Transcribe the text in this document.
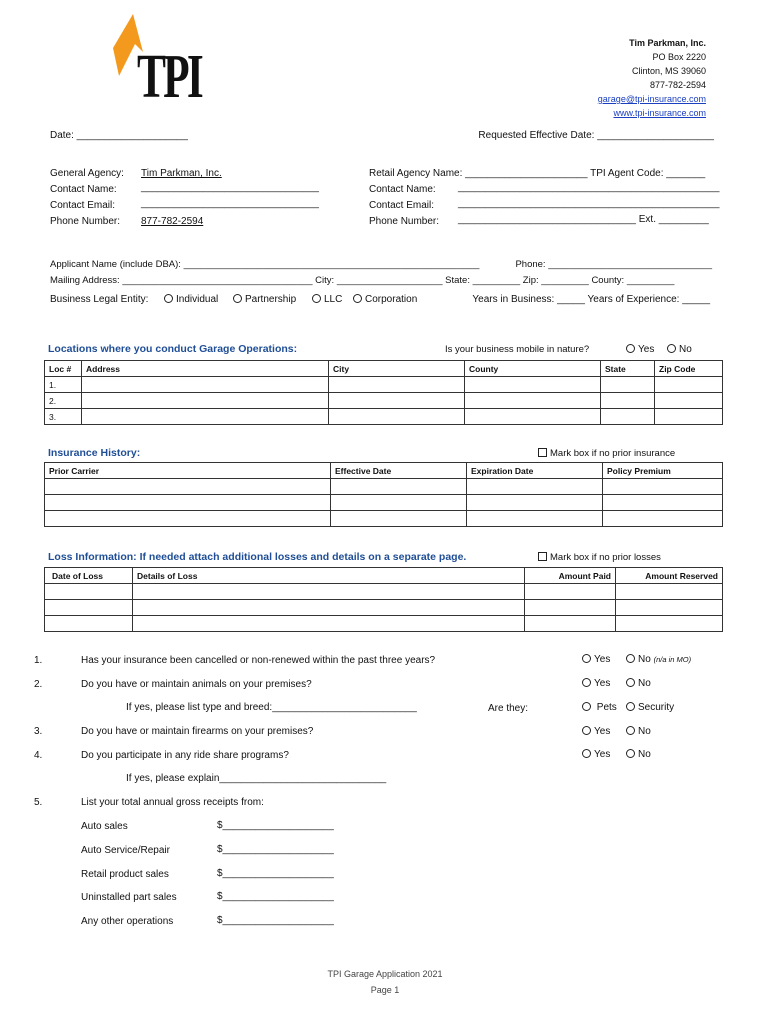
TPI	Tim Parkman, Inc.
PO Box 2220
Clinton, MS 39060
877-782-2594
garage@tpi-insurance.com
www.tpi-insurance.com
Date: ____________________	Requested Effective Date: _____________________
General Agency: Tim Parkman, Inc.
Contact Name: ________________________________
Contact Email:	________________________________
Phone Number: 877-782-2594
Retail Agency Name: ______________________ TPI Agent Code: _______
Contact Name: _______________________________________________
Contact Email: _______________________________________________
Phone Number: ________________________________ Ext. _________
Applicant Name (include DBA): ________________________________________________________	Phone: _______________________________
Mailing Address: ____________________________________ City: ____________________ State: _________ Zip: _________ County: _________
Business Legal Entity:	Individual	Partnership	LLC	Corporation	Years in Business: _____ Years of Experience: _____
Locations where you conduct Garage Operations:	Is your business mobile in nature?	Yes	No
Loc #	Address	City	County	State	Zip Code
1.					
2.					
3.					
Insurance History:	Mark box if no prior insurance
Prior Carrier	Effective Date	Expiration Date	Policy Premium

Loss Information: If needed attach additional losses and details on a separate page.	Mark box if no prior losses
Date of Loss	Details of Loss	Amount Paid	Amount Reserved

1.	Has your insurance been cancelled or non-renewed within the past three years?	Yes	No (n/a in MO)
2.	Do you have or maintain animals on your premises?	Yes	No
If yes, please list type and breed:__________________________	Are they:	Pets	Security
3.	Do you have or maintain firearms on your premises?	Yes	No
4.	Do you participate in any ride share programs?	Yes	No
If yes, please explain______________________________
5.	List your total annual gross receipts from:
Auto sales	$____________________
Auto Service/Repair	$____________________
Retail product sales	$____________________
Uninstalled part sales	$____________________
Any other operations	$____________________
TPI Garage Application 2021
Page 1
